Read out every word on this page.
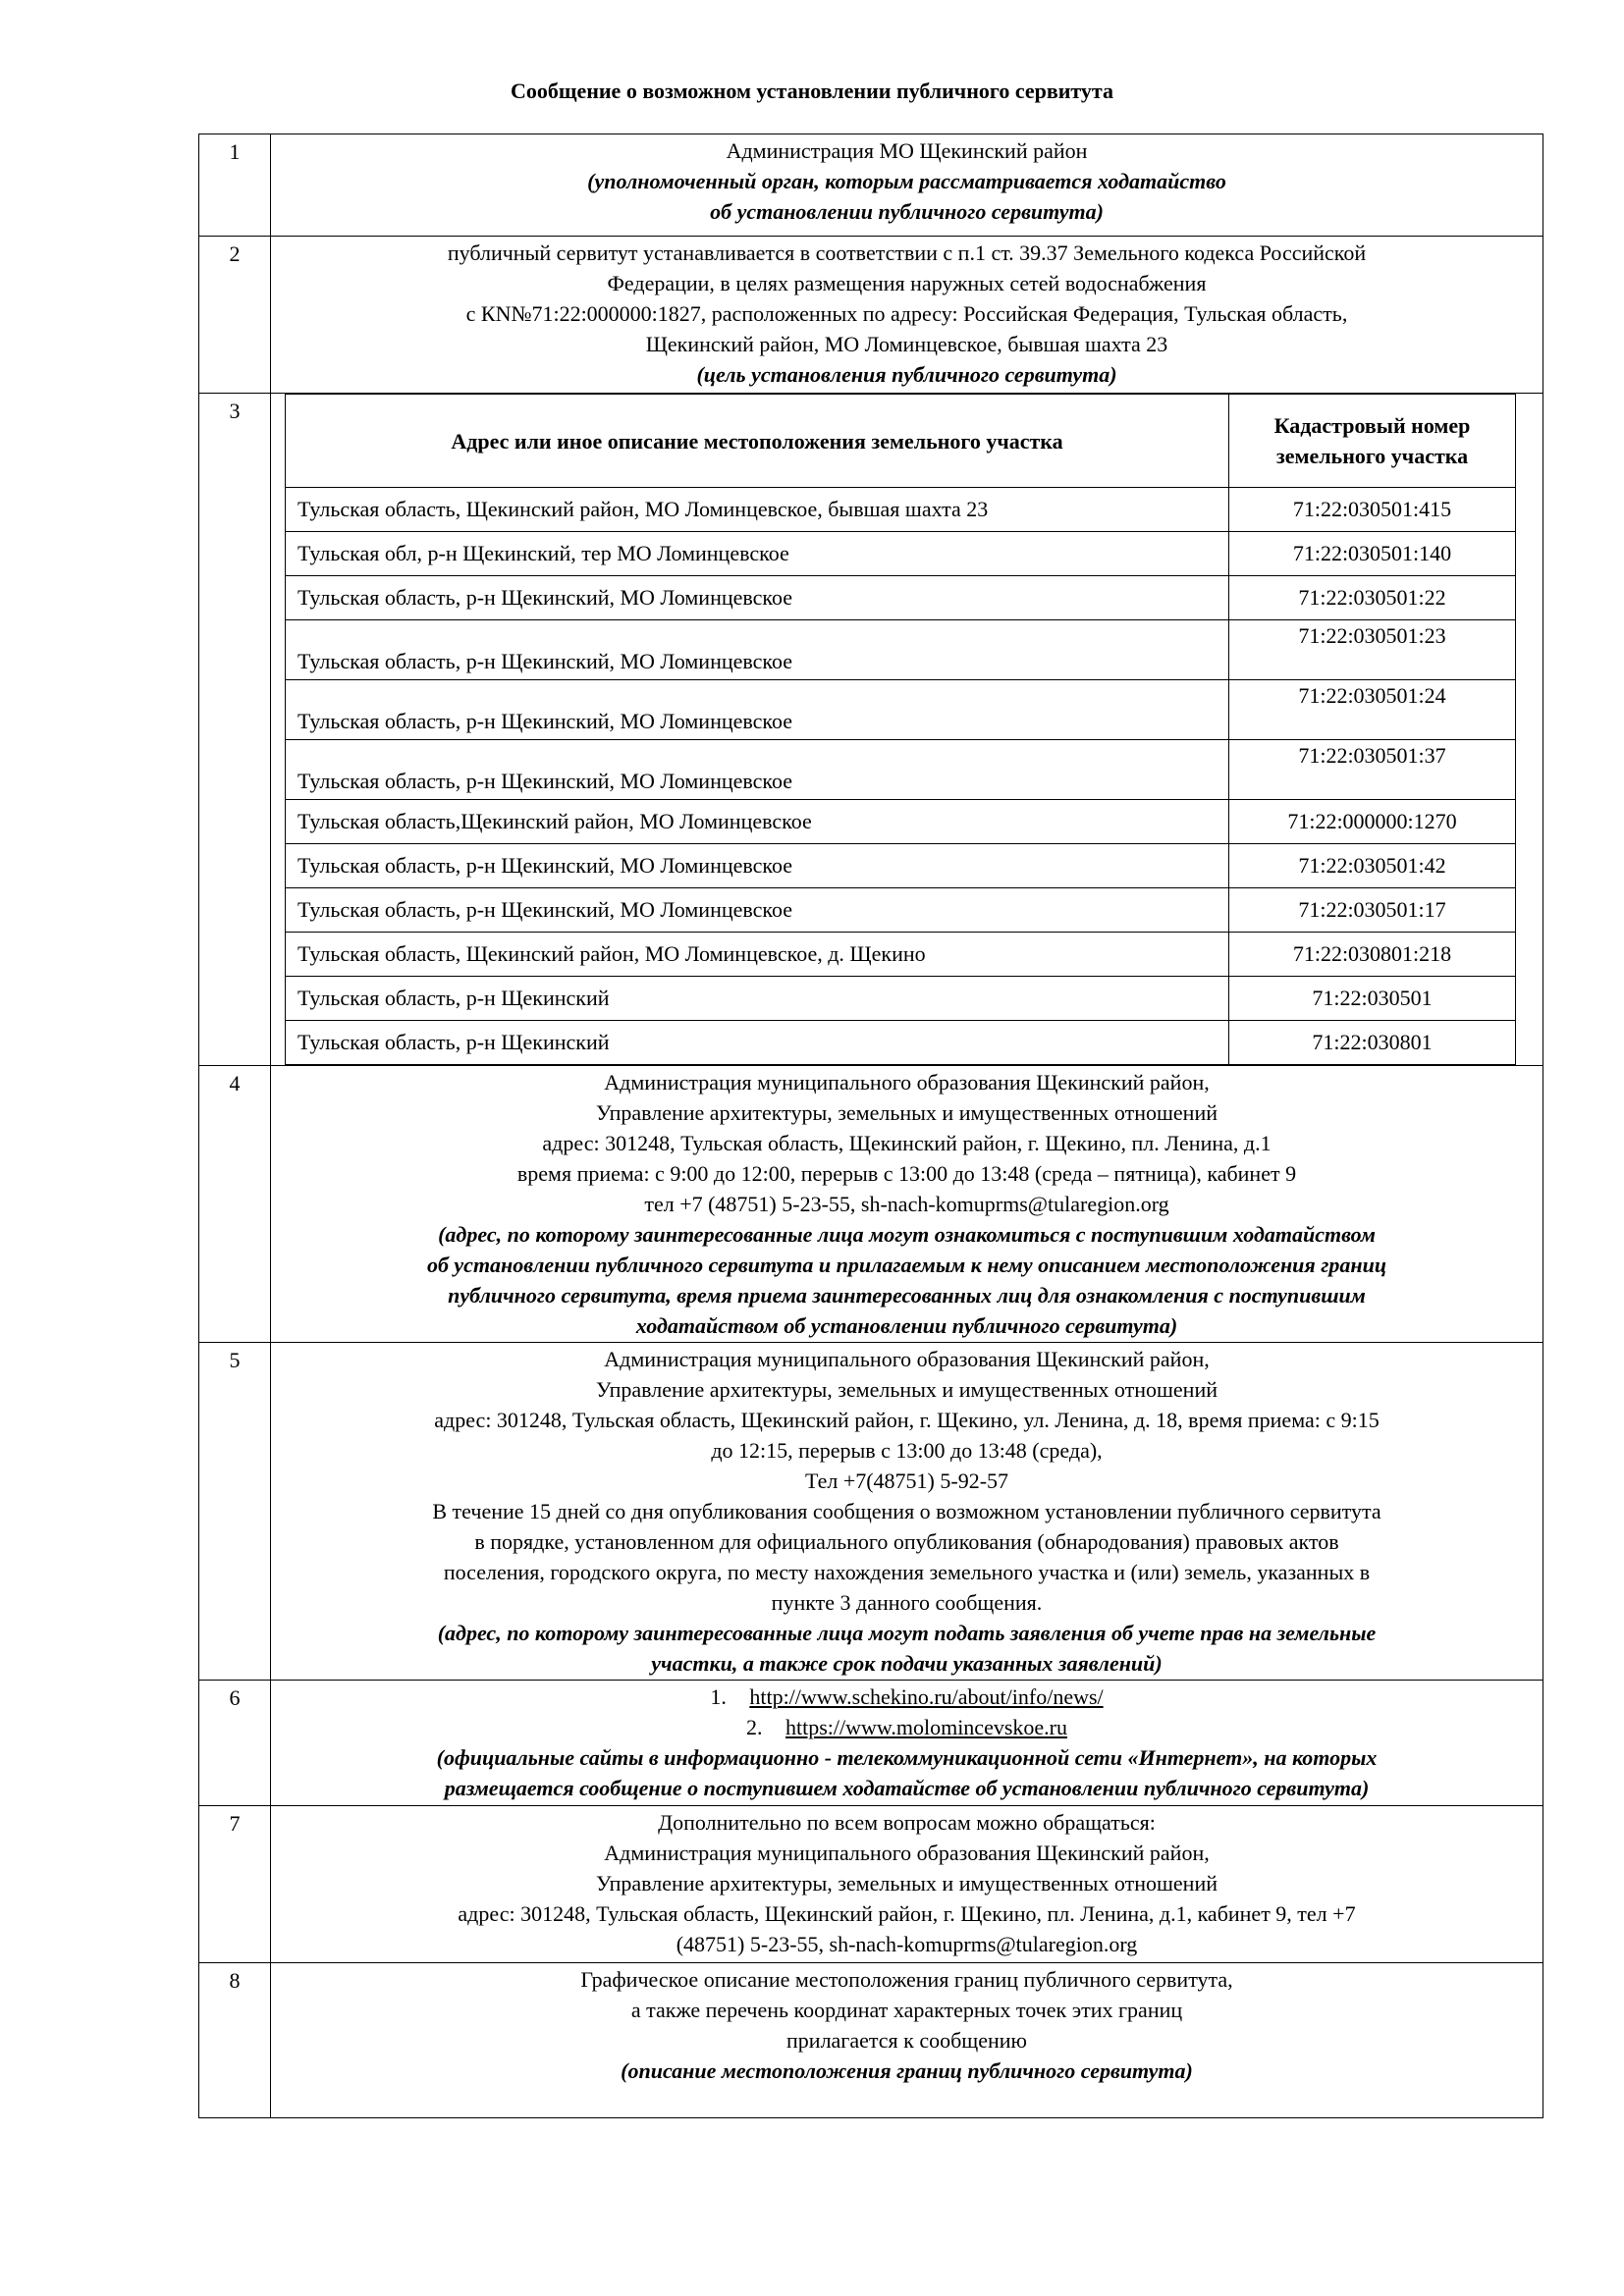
Сообщение о возможном установлении публичного сервитута
1	Администрация МО Щекинский район
(уполномоченный орган, которым рассматривается ходатайство
об установлении публичного сервитута)

2	публичный сервитут устанавливается в соответствии с п.1 ст. 39.37 Земельного кодекса Российской
Федерации, в целях размещения наружных сетей водоснабжения
с КN№71:22:000000:1827, расположенных по адресу: Российская Федерация, Тульская область,
Щекинский район, МО Ломинцевское, бывшая шахта 23
(цель установления публичного сервитута)

3	
Адрес или иное описание местоположения земельного участка	
Кадастровый номер
земельного участка

Тульская область, Щекинский район, МО Ломинцевское, бывшая шахта 23	71:22:030501:415
Тульская обл, р-н Щекинский, тер МО Ломинцевское	71:22:030501:140
Тульская область, р-н Щекинский, МО Ломинцевское	71:22:030501:22
Тульская область, р-н Щекинский, МО Ломинцевское	71:22:030501:23
Тульская область, р-н Щекинский, МО Ломинцевское	71:22:030501:24
Тульская область, р-н Щекинский, МО Ломинцевское	71:22:030501:37
Тульская область,Щекинский район, МО Ломинцевское	71:22:000000:1270
Тульская область, р-н Щекинский, МО Ломинцевское	71:22:030501:42
Тульская область, р-н Щекинский, МО Ломинцевское	71:22:030501:17
Тульская область, Щекинский район, МО Ломинцевское, д. Щекино	71:22:030801:218
Тульская область, р-н Щекинский	71:22:030501
Тульская область, р-н Щекинский	71:22:030801

4	Администрация муниципального образования Щекинский район,
Управление архитектуры, земельных и имущественных отношений
адрес: 301248, Тульская область, Щекинский район, г. Щекино, пл. Ленина, д.1
время приема: с 9:00 до 12:00, перерыв с 13:00 до 13:48 (среда – пятница), кабинет 9
тел +7 (48751) 5-23-55, sh-nach-komuprms@tularegion.org
(адрес, по которому заинтересованные лица могут ознакомиться с поступившим ходатайством
об установлении публичного сервитута и прилагаемым к нему описанием местоположения границ
публичного сервитута, время приема заинтересованных лиц для ознакомления с поступившим
ходатайством об установлении публичного сервитута)

5	Администрация муниципального образования Щекинский район,
Управление архитектуры, земельных и имущественных отношений
адрес: 301248, Тульская область, Щекинский район, г. Щекино, ул. Ленина, д. 18, время приема: с 9:15
до 12:15, перерыв с 13:00 до 13:48 (среда),
Тел +7(48751) 5-92-57
В течение 15 дней со дня опубликования сообщения о возможном установлении публичного сервитута
в порядке, установленном для официального опубликования (обнародования) правовых актов
поселения, городского округа, по месту нахождения земельного участка и (или) земель, указанных в
пункте 3 данного сообщения.
(адрес, по которому заинтересованные лица могут подать заявления об учете прав на земельные
участки, а также срок подачи указанных заявлений)

6	1. http://www.schekino.ru/about/info/news/
2. https://www.molomincevskoe.ru
(официальные сайты в информационно - телекоммуникационной сети «Интернет», на которых
размещается сообщение о поступившем ходатайстве об установлении публичного сервитута)

7	Дополнительно по всем вопросам можно обращаться:
Администрация муниципального образования Щекинский район,
Управление архитектуры, земельных и имущественных отношений
адрес: 301248, Тульская область, Щекинский район, г. Щекино, пл. Ленина, д.1, кабинет 9, тел +7
(48751) 5-23-55, sh-nach-komuprms@tularegion.org

8	Графическое описание местоположения границ публичного сервитута,
а также перечень координат характерных точек этих границ
прилагается к сообщению
(описание местоположения границ публичного сервитута)
